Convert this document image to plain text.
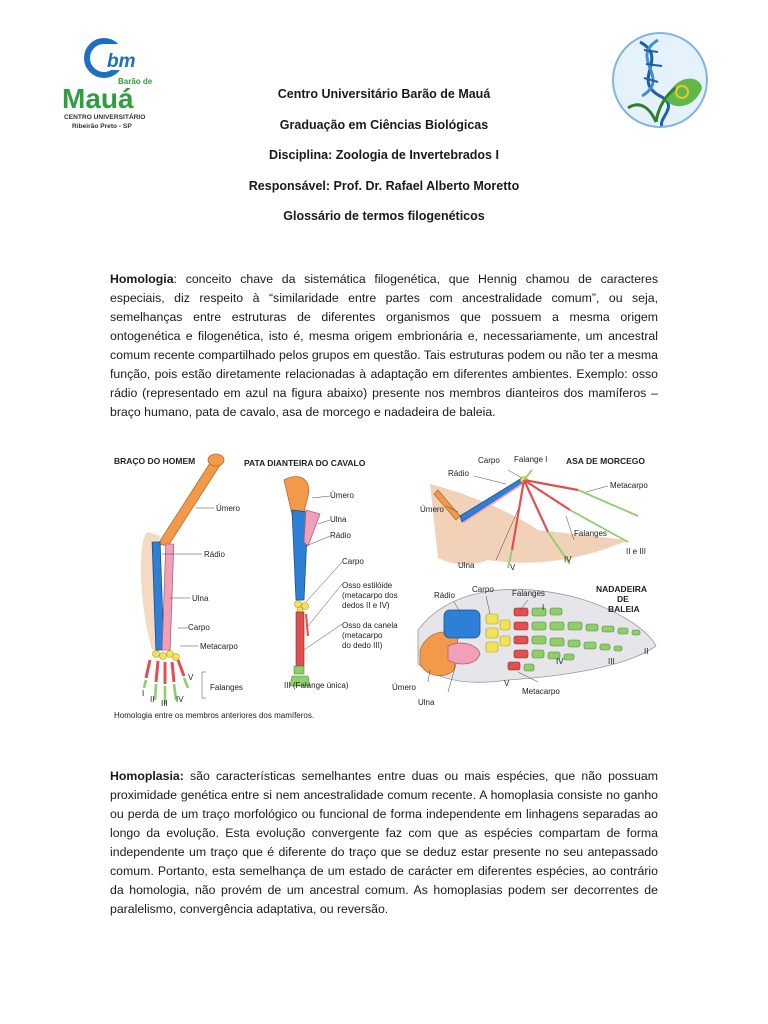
bm
Barão de
Mauá
CENTRO UNIVERSITÁRIO
Ribeirão Preto - SP

Centro Universitário Barão de Mauá

Graduação em Ciências Biológicas

Disciplina: Zoologia de Invertebrados I

Responsável: Prof. Dr. Rafael Alberto Moretto

Glossário de termos filogenéticos

Homologia: conceito chave da sistemática filogenética, que Hennig chamou de caracteres especiais, diz respeito à “similaridade entre partes com ancestralidade comum”, ou seja, semelhanças entre estruturas de diferentes organismos que possuem a mesma origem ontogenética e filogenética, isto é, mesma origem embrionária e, necessariamente, um ancestral comum recente compartilhado pelos grupos em questão. Tais estruturas podem ou não ter a mesma função, pois estão diretamente relacionadas à adaptação em diferentes ambientes. Exemplo: osso rádio (representado em azul na figura abaixo) presente nos membros dianteiros dos mamíferos – braço humano, pata de cavalo, asa de morcego e nadadeira de baleia.

BRAÇO DO HOMEM
Úmero
Rádio
Ulna
Carpo
Metacarpo
Falanges
I
II III IV
V
PATA DIANTEIRA DO CAVALO
Úmero
Ulna
Rádio
Carpo
Osso estilóide
(metacarpo dos
dedos II e IV)
Osso da canela
(metacarpo
do dedo III)
III (Falange única)
Carpo Falange I ASA DE MORCEGO
Rádio
Úmero
Metacarpo
Falanges
Ulna	V
IV
II e III
Rádio
Carpo Falanges	NADADEIRA
DE
BALEIA
I
II
III
IV
V
Úmero
Ulna
Metacarpo
Homologia entre os membros anteriores dos mamíferos.

Homoplasia: são características semelhantes entre duas ou mais espécies, que não possuam proximidade genética entre si nem ancestralidade comum recente. A homoplasia consiste no ganho ou perda de um traço morfológico ou funcional de forma independente em linhagens separadas ao longo da evolução. Esta evolução convergente faz com que as espécies compartam de forma independente um traço que é diferente do traço que se deduz estar presente no seu antepassado comum. Portanto, esta semelhança de um estado de carácter em diferentes espécies, ao contrário da homologia, não provém de um ancestral comum. As homoplasias podem ser decorrentes de paralelismo, convergência adaptativa, ou reversão.
